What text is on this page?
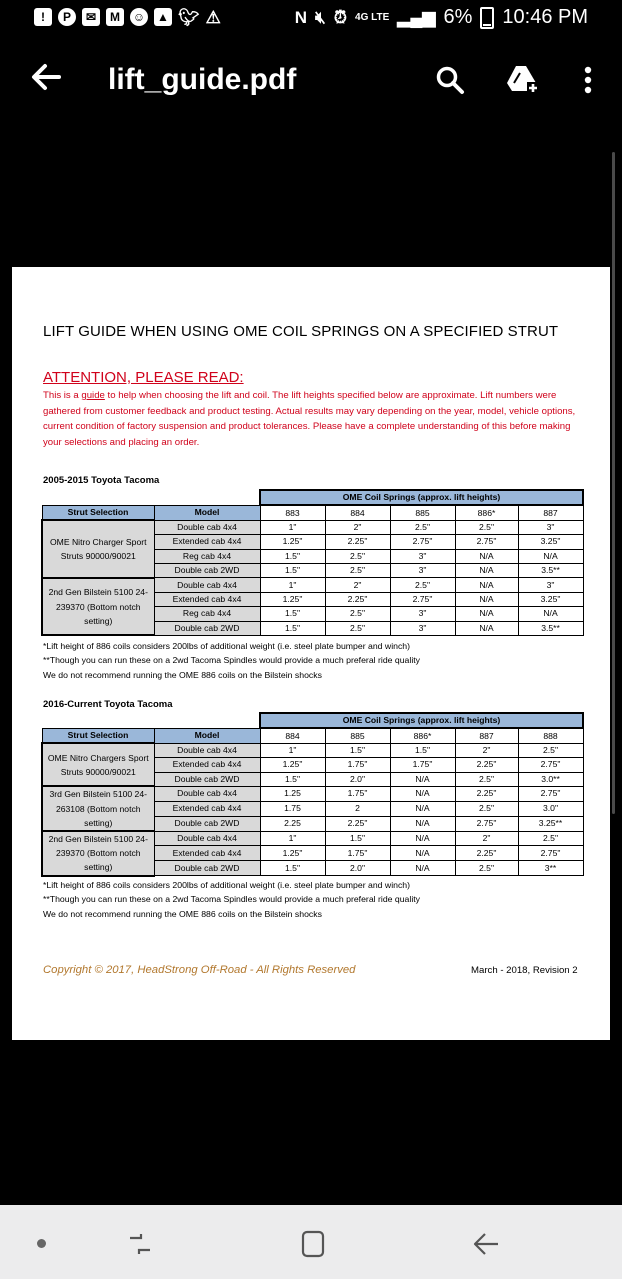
!	P	✉	M	☺ ▲ 🐦︎ ⚠	N 🔇︎ ⏰︎ 4G LTE ▂▄▆ 6% 10:46 PM
lift_guide.pdf
LIFT GUIDE WHEN USING OME COIL SPRINGS ON A SPECIFIED STRUT
ATTENTION, PLEASE READ:
This is a guide to help when choosing the lift and coil. The lift heights specified below are approximate. Lift numbers were gathered from customer feedback and product testing. Actual results may vary depending on the year, model, vehicle options, current condition of factory suspension and product tolerances. Please have a complete understanding of this before making your selections and placing an order.
2005-2015 Toyota Tacoma
		OME Coil Springs (approx. lift heights)				
Strut Selection	Model	883	884	885	886*	887
OME Nitro Charger Sport Struts 90000/90021	Double cab 4x4	1"	2"	2.5"	2.5"	3"
	Extended cab 4x4	1.25"	2.25"	2.75"	2.75"	3.25"
	Reg cab 4x4	1.5"	2.5"	3"	N/A	N/A
	Double cab 2WD	1.5"	2.5"	3"	N/A	3.5**
2nd Gen Bilstein 5100 24-239370 (Bottom notch setting)	Double cab 4x4	1"	2"	2.5"	N/A	3"
	Extended cab 4x4	1.25"	2.25"	2.75"	N/A	3.25"
	Reg cab 4x4	1.5"	2.5"	3"	N/A	N/A
	Double cab 2WD	1.5"	2.5"	3"	N/A	3.5**
*Lift height of 886 coils considers 200lbs of additional weight (i.e. steel plate bumper and winch)
**Though you can run these on a 2wd Tacoma Spindles would provide a much preferal ride quality
We do not recommend running the OME 886 coils on the Bilstein shocks
2016-Current Toyota Tacoma
		OME Coil Springs (approx. lift heights)				
Strut Selection	Model	884	885	886*	887	888
OME Nitro Chargers Sport Struts 90000/90021	Double cab 4x4	1"	1.5"	1.5"	2"	2.5"
	Extended cab 4x4	1.25"	1.75"	1.75"	2.25"	2.75"
	Double cab 2WD	1.5"	2.0"	N/A	2.5"	3.0**
3rd Gen Bilstein 5100 24-263108 (Bottom notch setting)	Double cab 4x4	1.25	1.75"	N/A	2.25"	2.75"
	Extended cab 4x4	1.75	2	N/A	2.5"	3.0"
	Double cab 2WD	2.25	2.25"	N/A	2.75"	3.25**
2nd Gen Bilstein 5100 24-239370 (Bottom notch setting)	Double cab 4x4	1"	1.5"	N/A	2"	2.5"
	Extended cab 4x4	1.25"	1.75"	N/A	2.25"	2.75"
	Double cab 2WD	1.5"	2.0"	N/A	2.5"	3**
*Lift height of 886 coils considers 200lbs of additional weight (i.e. steel plate bumper and winch)
**Though you can run these on a 2wd Tacoma Spindles would provide a much preferal ride quality
We do not recommend running the OME 886 coils on the Bilstein shocks
Copyright © 2017, HeadStrong Off-Road - All Rights Reserved	March - 2018, Revision 2
